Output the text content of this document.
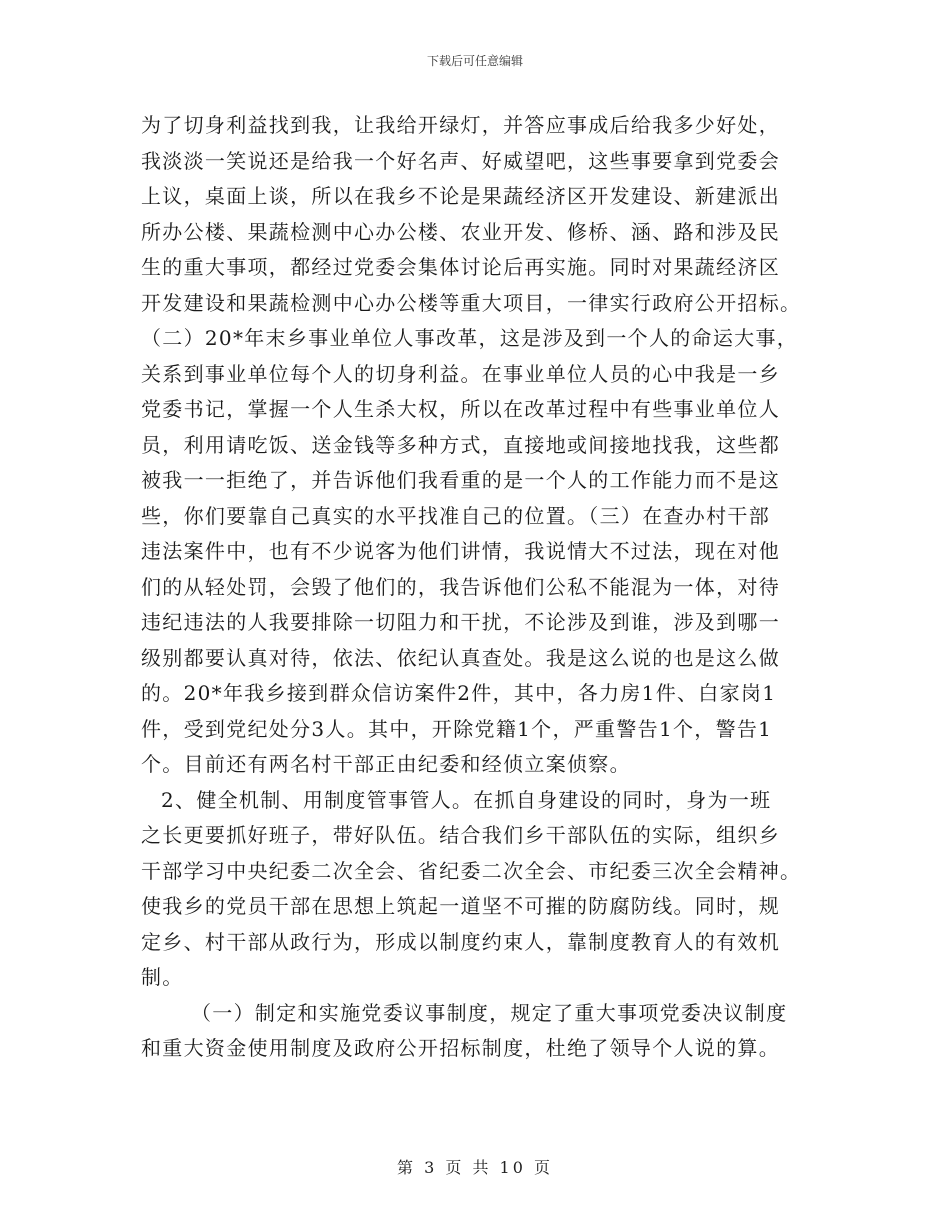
下载后可任意编辑
为了切身利益找到我，让我给开绿灯，并答应事成后给我多少好处，
我淡淡一笑说还是给我一个好名声、好威望吧，这些事要拿到党委会
上议，桌面上谈，所以在我乡不论是果蔬经济区开发建设、新建派出
所办公楼、果蔬检测中心办公楼、农业开发、修桥、涵、路和涉及民
生的重大事项，都经过党委会集体讨论后再实施。同时对果蔬经济区
开发建设和果蔬检测中心办公楼等重大项目，一律实行政府公开招标。
（二）20*年末乡事业单位人事改革，这是涉及到一个人的命运大事，
关系到事业单位每个人的切身利益。在事业单位人员的心中我是一乡
党委书记，掌握一个人生杀大权，所以在改革过程中有些事业单位人
员，利用请吃饭、送金钱等多种方式，直接地或间接地找我，这些都
被我一一拒绝了，并告诉他们我看重的是一个人的工作能力而不是这
些，你们要靠自己真实的水平找准自己的位置。（三）在查办村干部
违法案件中，也有不少说客为他们讲情，我说情大不过法，现在对他
们的从轻处罚，会毁了他们的，我告诉他们公私不能混为一体，对待
违纪违法的人我要排除一切阻力和干扰，不论涉及到谁，涉及到哪一
级别都要认真对待，依法、依纪认真查处。我是这么说的也是这么做
的。20*年我乡接到群众信访案件2件，其中，各力房1件、白家岗1
件，受到党纪处分3人。其中，开除党籍1个，严重警告1个，警告1
个。目前还有两名村干部正由纪委和经侦立案侦察。
2、健全机制、用制度管事管人。在抓自身建设的同时，身为一班
之长更要抓好班子，带好队伍。结合我们乡干部队伍的实际，组织乡
干部学习中央纪委二次全会、省纪委二次全会、市纪委三次全会精神。
使我乡的党员干部在思想上筑起一道坚不可摧的防腐防线。同时，规
定乡、村干部从政行为，形成以制度约束人，靠制度教育人的有效机
制。
（一）制定和实施党委议事制度，规定了重大事项党委决议制度
和重大资金使用制度及政府公开招标制度，杜绝了领导个人说的算。
第 3 页 共 10 页
